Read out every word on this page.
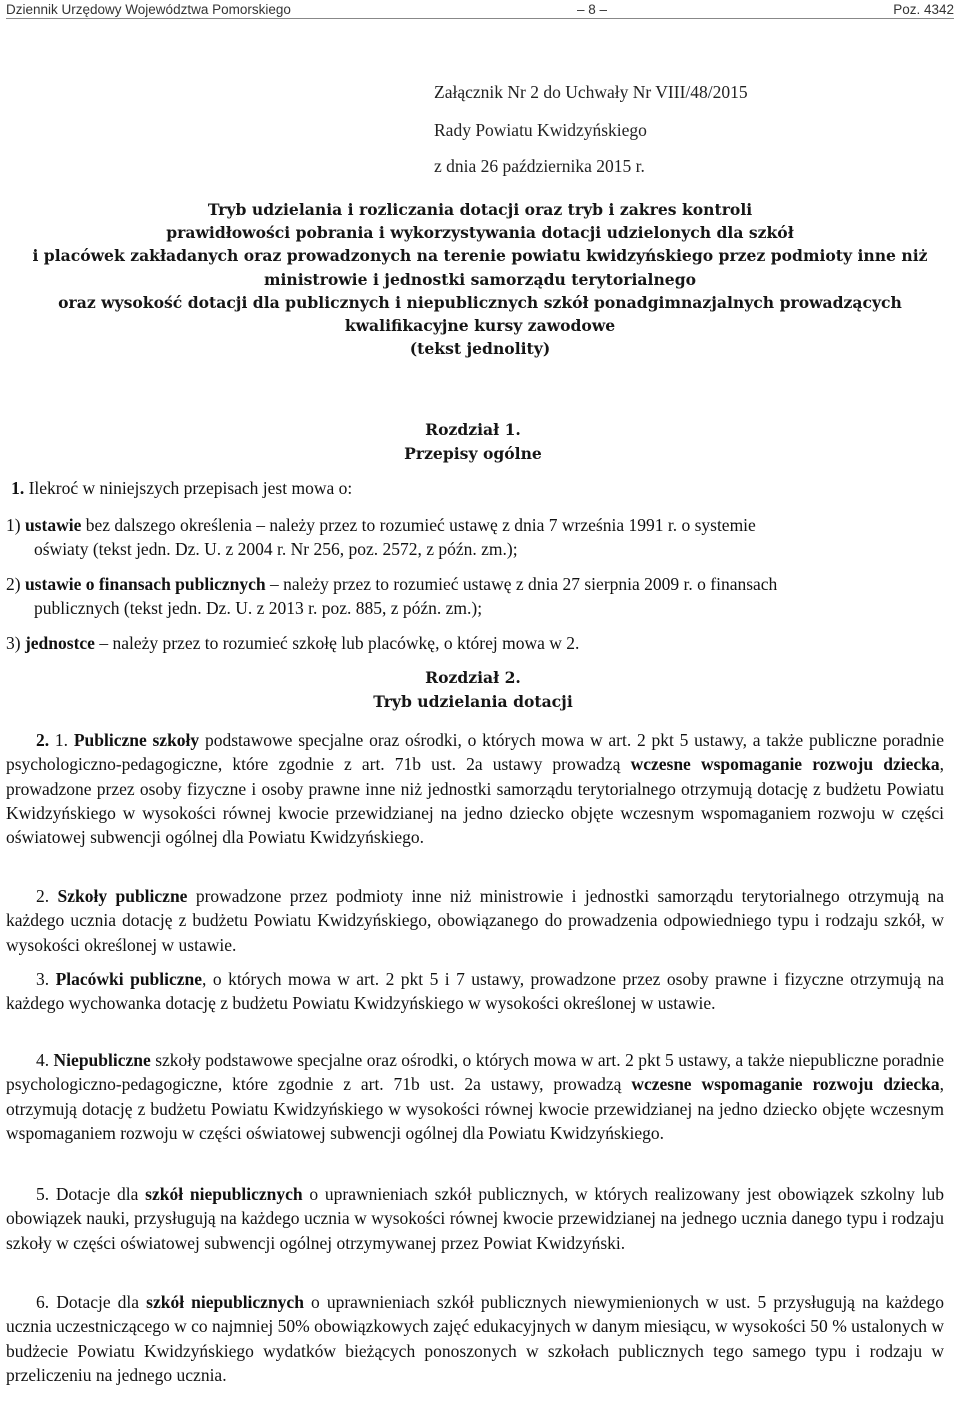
Dziennik Urzędowy Województwa Pomorskiego	– 8 –	Poz. 4342
Załącznik Nr 2 do Uchwały Nr VIII/48/2015
Rady Powiatu Kwidzyńskiego
z dnia 26 października 2015 r.
Tryb udzielania i rozliczania dotacji oraz tryb i zakres kontroli
prawidłowości pobrania i wykorzystywania dotacji udzielonych dla szkół
i placówek zakładanych oraz prowadzonych na terenie powiatu kwidzyńskiego przez podmioty inne niż
ministrowie i jednostki samorządu terytorialnego
oraz wysokość dotacji dla publicznych i niepublicznych szkół ponadgimnazjalnych prowadzących
kwalifikacyjne kursy zawodowe
(tekst jednolity)
Rozdział 1.
Przepisy ogólne
1. Ilekroć w niniejszych przepisach jest mowa o:
1) ustawie bez dalszego określenia – należy przez to rozumieć ustawę z dnia 7 września 1991 r. o systemie
oświaty (tekst jedn. Dz. U. z 2004 r. Nr 256, poz. 2572, z późn. zm.);
2) ustawie o finansach publicznych – należy przez to rozumieć ustawę z dnia 27 sierpnia 2009 r. o finansach
publicznych (tekst jedn. Dz. U. z 2013 r. poz. 885, z późn. zm.);
3) jednostce – należy przez to rozumieć szkołę lub placówkę, o której mowa w 2.
Rozdział 2.
Tryb udzielania dotacji
2. 1. Publiczne szkoły podstawowe specjalne oraz ośrodki, o których mowa w art. 2 pkt 5 ustawy, a także publiczne poradnie psychologiczno-pedagogiczne, które zgodnie z art. 71b ust. 2a ustawy prowadzą wczesne wspomaganie rozwoju dziecka, prowadzone przez osoby fizyczne i osoby prawne inne niż jednostki samorządu terytorialnego otrzymują dotację z budżetu Powiatu Kwidzyńskiego w wysokości równej kwocie przewidzianej na jedno dziecko objęte wczesnym wspomaganiem rozwoju w części oświatowej subwencji ogólnej dla Powiatu Kwidzyńskiego.
2. Szkoły publiczne prowadzone przez podmioty inne niż ministrowie i jednostki samorządu terytorialnego otrzymują na każdego ucznia dotację z budżetu Powiatu Kwidzyńskiego, obowiązanego do prowadzenia odpowiedniego typu i rodzaju szkół, w wysokości określonej w ustawie.
3. Placówki publiczne, o których mowa w art. 2 pkt 5 i 7 ustawy, prowadzone przez osoby prawne i fizyczne otrzymują na każdego wychowanka dotację z budżetu Powiatu Kwidzyńskiego w wysokości określonej w ustawie.
4. Niepubliczne szkoły podstawowe specjalne oraz ośrodki, o których mowa w art. 2 pkt 5 ustawy, a także niepubliczne poradnie psychologiczno-pedagogiczne, które zgodnie z art. 71b ust. 2a ustawy, prowadzą wczesne wspomaganie rozwoju dziecka, otrzymują dotację z budżetu Powiatu Kwidzyńskiego w wysokości równej kwocie przewidzianej na jedno dziecko objęte wczesnym wspomaganiem rozwoju w części oświatowej subwencji ogólnej dla Powiatu Kwidzyńskiego.
5. Dotacje dla szkół niepublicznych o uprawnieniach szkół publicznych, w których realizowany jest obowiązek szkolny lub obowiązek nauki, przysługują na każdego ucznia w wysokości równej kwocie przewidzianej na jednego ucznia danego typu i rodzaju szkoły w części oświatowej subwencji ogólnej otrzymywanej przez Powiat Kwidzyński.
6. Dotacje dla szkół niepublicznych o uprawnieniach szkół publicznych niewymienionych w ust. 5 przysługują na każdego ucznia uczestniczącego w co najmniej 50% obowiązkowych zajęć edukacyjnych w danym miesiącu, w wysokości 50 % ustalonych w budżecie Powiatu Kwidzyńskiego wydatków bieżących ponoszonych w szkołach publicznych tego samego typu i rodzaju w przeliczeniu na jednego ucznia.
